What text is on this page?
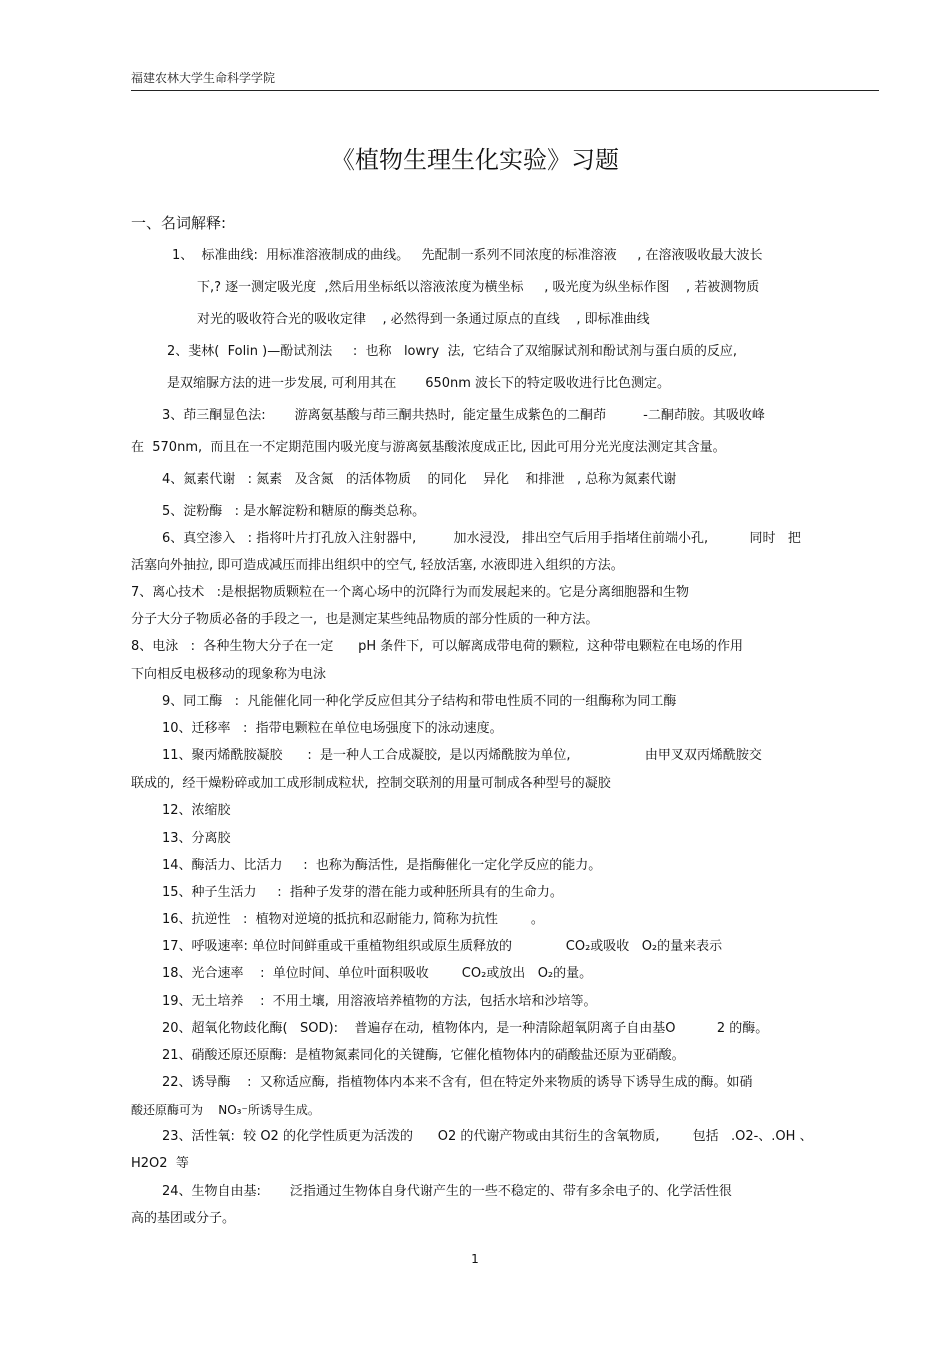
福建农林大学生命科学学院
《植物生理生化实验》习题
一、名词解释:
1、  标准曲线:  用标准溶液制成的曲线。   先配制一系列不同浓度的标准溶液     , 在溶液吸收最大波长
下,? 逐一测定吸光度  ,然后用坐标纸以溶液浓度为横坐标     , 吸光度为纵坐标作图    , 若被测物质
对光的吸收符合光的吸收定律    , 必然得到一条通过原点的直线    , 即标准曲线
2、斐林(  Folin )—酚试剂法     :  也称   lowry  法,  它结合了双缩脲试剂和酚试剂与蛋白质的反应,
是双缩脲方法的进一步发展, 可利用其在       650nm 波长下的特定吸收进行比色测定。
3、茚三酮显色法:       游离氨基酸与茚三酮共热时,  能定量生成紫色的二酮茚         -二酮茚胺。其吸收峰
在  570nm,  而且在一不定期范围内吸光度与游离氨基酸浓度成正比, 因此可用分光光度法测定其含量。
4、氮素代谢   : 氮素   及含氮   的活体物质    的同化    异化    和排泄   , 总称为氮素代谢
5、淀粉酶   : 是水解淀粉和糖原的酶类总称。
6、真空渗入   : 指将叶片打孔放入注射器中,         加水浸没,   排出空气后用手指堵住前端小孔,          同时   把
活塞向外抽拉, 即可造成减压而排出组织中的空气, 轻放活塞, 水液即进入组织的方法。
7、离心技术   :是根据物质颗粒在一个离心场中的沉降行为而发展起来的。它是分离细胞器和生物
分子大分子物质必备的手段之一,  也是测定某些纯品物质的部分性质的一种方法。
8、电泳   :  各种生物大分子在一定      pH 条件下,  可以解离成带电荷的颗粒,  这种带电颗粒在电场的作用
下向相反电极移动的现象称为电泳
9、同工酶   :  凡能催化同一种化学反应但其分子结构和带电性质不同的一组酶称为同工酶
10、迁移率   :  指带电颗粒在单位电场强度下的泳动速度。
11、聚丙烯酰胺凝胶      :  是一种人工合成凝胶,  是以丙烯酰胺为单位,                  由甲叉双丙烯酰胺交
联成的,  经干燥粉碎或加工成形制成粒状,  控制交联剂的用量可制成各种型号的凝胶
12、浓缩胶
13、分离胶
14、酶活力、比活力     :  也称为酶活性,  是指酶催化一定化学反应的能力。
15、种子生活力     :  指种子发芽的潜在能力或种胚所具有的生命力。
16、抗逆性   :  植物对逆境的抵抗和忍耐能力, 简称为抗性        。
17、呼吸速率: 单位时间鲜重或干重植物组织或原生质释放的             CO₂或吸收   O₂的量来表示
18、光合速率    :  单位时间、单位叶面积吸收        CO₂或放出   O₂的量。
19、无土培养    :  不用土壤,  用溶液培养植物的方法,  包括水培和沙培等。
20、超氧化物歧化酶(   SOD):    普遍存在动,  植物体内,  是一种清除超氧阴离子自由基O          2 的酶。
21、硝酸还原还原酶:  是植物氮素同化的关键酶,  它催化植物体内的硝酸盐还原为亚硝酸。
22、诱导酶    :  又称适应酶,  指植物体内本来不含有,  但在特定外来物质的诱导下诱导生成的酶。如硝
酸还原酶可为    NO₃⁻所诱导生成。
23、活性氧:  较 O2 的化学性质更为活泼的      O2 的代谢产物或由其衍生的含氧物质,        包括   .O2-、.OH 、
H2O2  等
24、生物自由基:       泛指通过生物体自身代谢产生的一些不稳定的、带有多余电子的、化学活性很
高的基团或分子。
1
